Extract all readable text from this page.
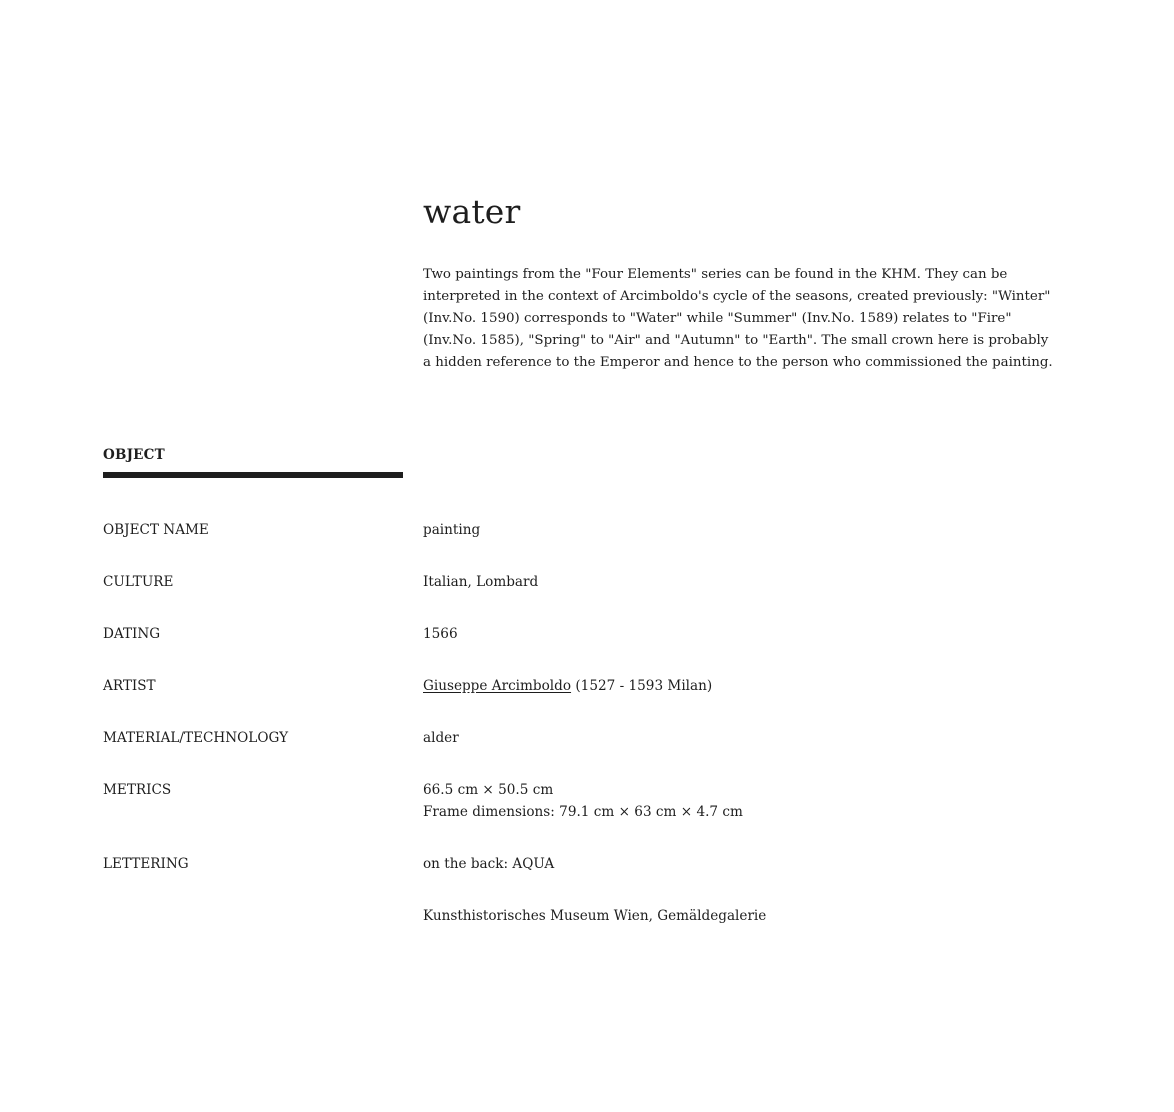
water

Two paintings from the "Four Elements" series can be found in the KHM. They can be interpreted in the context of Arcimboldo's cycle of the seasons, created previously: "Winter" (Inv.No. 1590) corresponds to "Water" while "Summer" (Inv.No. 1589) relates to "Fire" (Inv.No. 1585), "Spring" to "Air" and "Autumn" to "Earth". The small crown here is probably a hidden reference to the Emperor and hence to the person who commissioned the painting.

OBJECT
OBJECT NAME	painting
CULTURE	Italian, Lombard
DATING	1566
ARTIST	Giuseppe Arcimboldo (1527 - 1593 Milan)
MATERIAL/TECHNOLOGY	alder
METRICS	66.5 cm × 50.5 cm
Frame dimensions: 79.1 cm × 63 cm × 4.7 cm
LETTERING	on the back: AQUA
Kunsthistorisches Museum Wien, Gemäldegalerie
